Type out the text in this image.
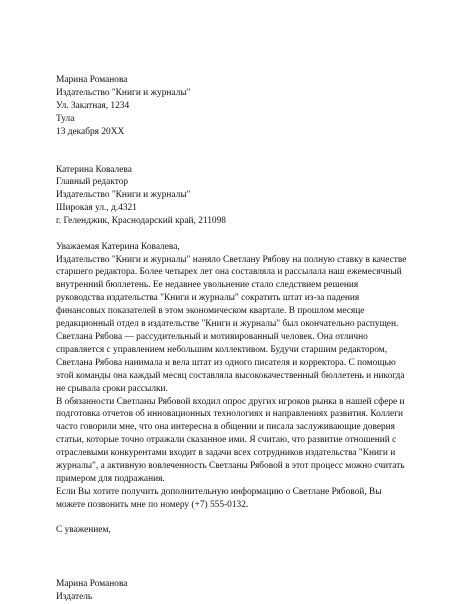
Марина Романова
Издательство "Книги и журналы"
Ул. Закатная, 1234
Тула
13 декабря 20XX
Катерина Ковалева
Главный редактор
Издательство "Книги и журналы"
Широкая ул., д.4321
г. Геленджик, Краснодарский край, 211098
Уважаемая Катерина Ковалева,
Издательство "Книги и журналы" наняло Светлану Рябову на полную ставку в качестве
старшего редактора. Более четырех лет она составляла и рассылала наш ежемесячный
внутренний бюллетень. Ее недавнее увольнение стало следствием решения
руководства издательства "Книги и журналы" сократить штат из-за падения
финансовых показателей в этом экономическом квартале. В прошлом месяце
редакционный отдел в издательстве "Книги и журналы" был окончательно распущен.
Светлана Рябова — рассудительный и мотивированный человек. Она отлично
справляется с управлением небольшим коллективом. Будучи старшим редактором,
Светлана Рябова нанимала и вела штат из одного писателя и корректора. С помощью
этой команды она каждый месяц составляла высококачественный бюллетень и никогда
не срывала сроки рассылки.
В обязанности Светланы Рябовой входил опрос других игроков рынка в нашей сфере и
подготовка отчетов об инновационных технологиях и направлениях развития. Коллеги
часто говорили мне, что она интересна в общении и писала заслуживающие доверия
статьи, которые точно отражали сказанное ими. Я считаю, что развитие отношений с
отраслевыми конкурентами входит в задачи всех сотрудников издательства "Книги и
журналы", а активную вовлеченность Светланы Рябовой в этот процесс можно считать
примером для подражания.
Если Вы хотите получить дополнительную информацию о Светлане Рябовой, Вы
можете позвонить мне по номеру (+7) 555-0132.
С уважением,
Марина Романова
Издатель
